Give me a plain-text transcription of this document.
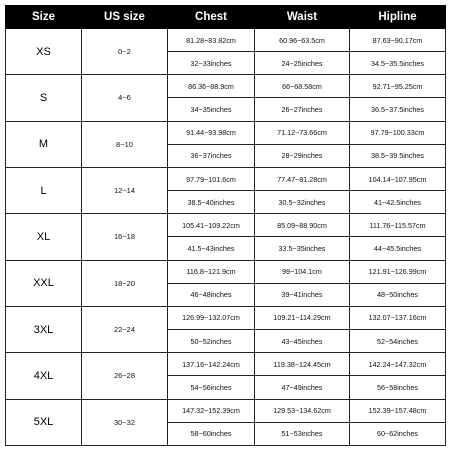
Size	US size	Chest	Waist	Hipline
XS	0~2	81.28~83.82cm	60.96~63.5cm	87.63~90.17cm
		32~33inches	24~25inches	34.5~35.5inches
S	4~6	86.36~88.9cm	66~68.58cm	92.71~95.25cm
		34~35inches	26~27inches	36.5~37.5inches
M	8~10	91.44~93.98cm	71.12~73.66cm	97.79~100.33cm
		36~37inches	28~29inches	38.5~39.5inches
L	12~14	97.79~101.6cm	77.47~81.28cm	104.14~107.95cm
		38.5~40inches	30.5~32inches	41~42.5inches
XL	16~18	105.41~109.22cm	85.09~88.90cm	111.76~115.57cm
		41.5~43inches	33.5~35inches	44~45.5inches
XXL	18~20	116.8~121.9cm	99~104.1cm	121.91~126.99cm
		46~48inches	39~41inches	48~50inches
3XL	22~24	126.99~132.07cm	109.21~114.29cm	132.07~137.16cm
		50~52inches	43~45inches	52~54inches
4XL	26~28	137.16~142.24cm	119.38~124.45cm	142.24~147.32cm
		54~56inches	47~49inches	56~58inches
5XL	30~32	147.32~152.39cm	129.53~134.62cm	152.39~157.48cm
		58~60inches	51~53inches	60~62inches
